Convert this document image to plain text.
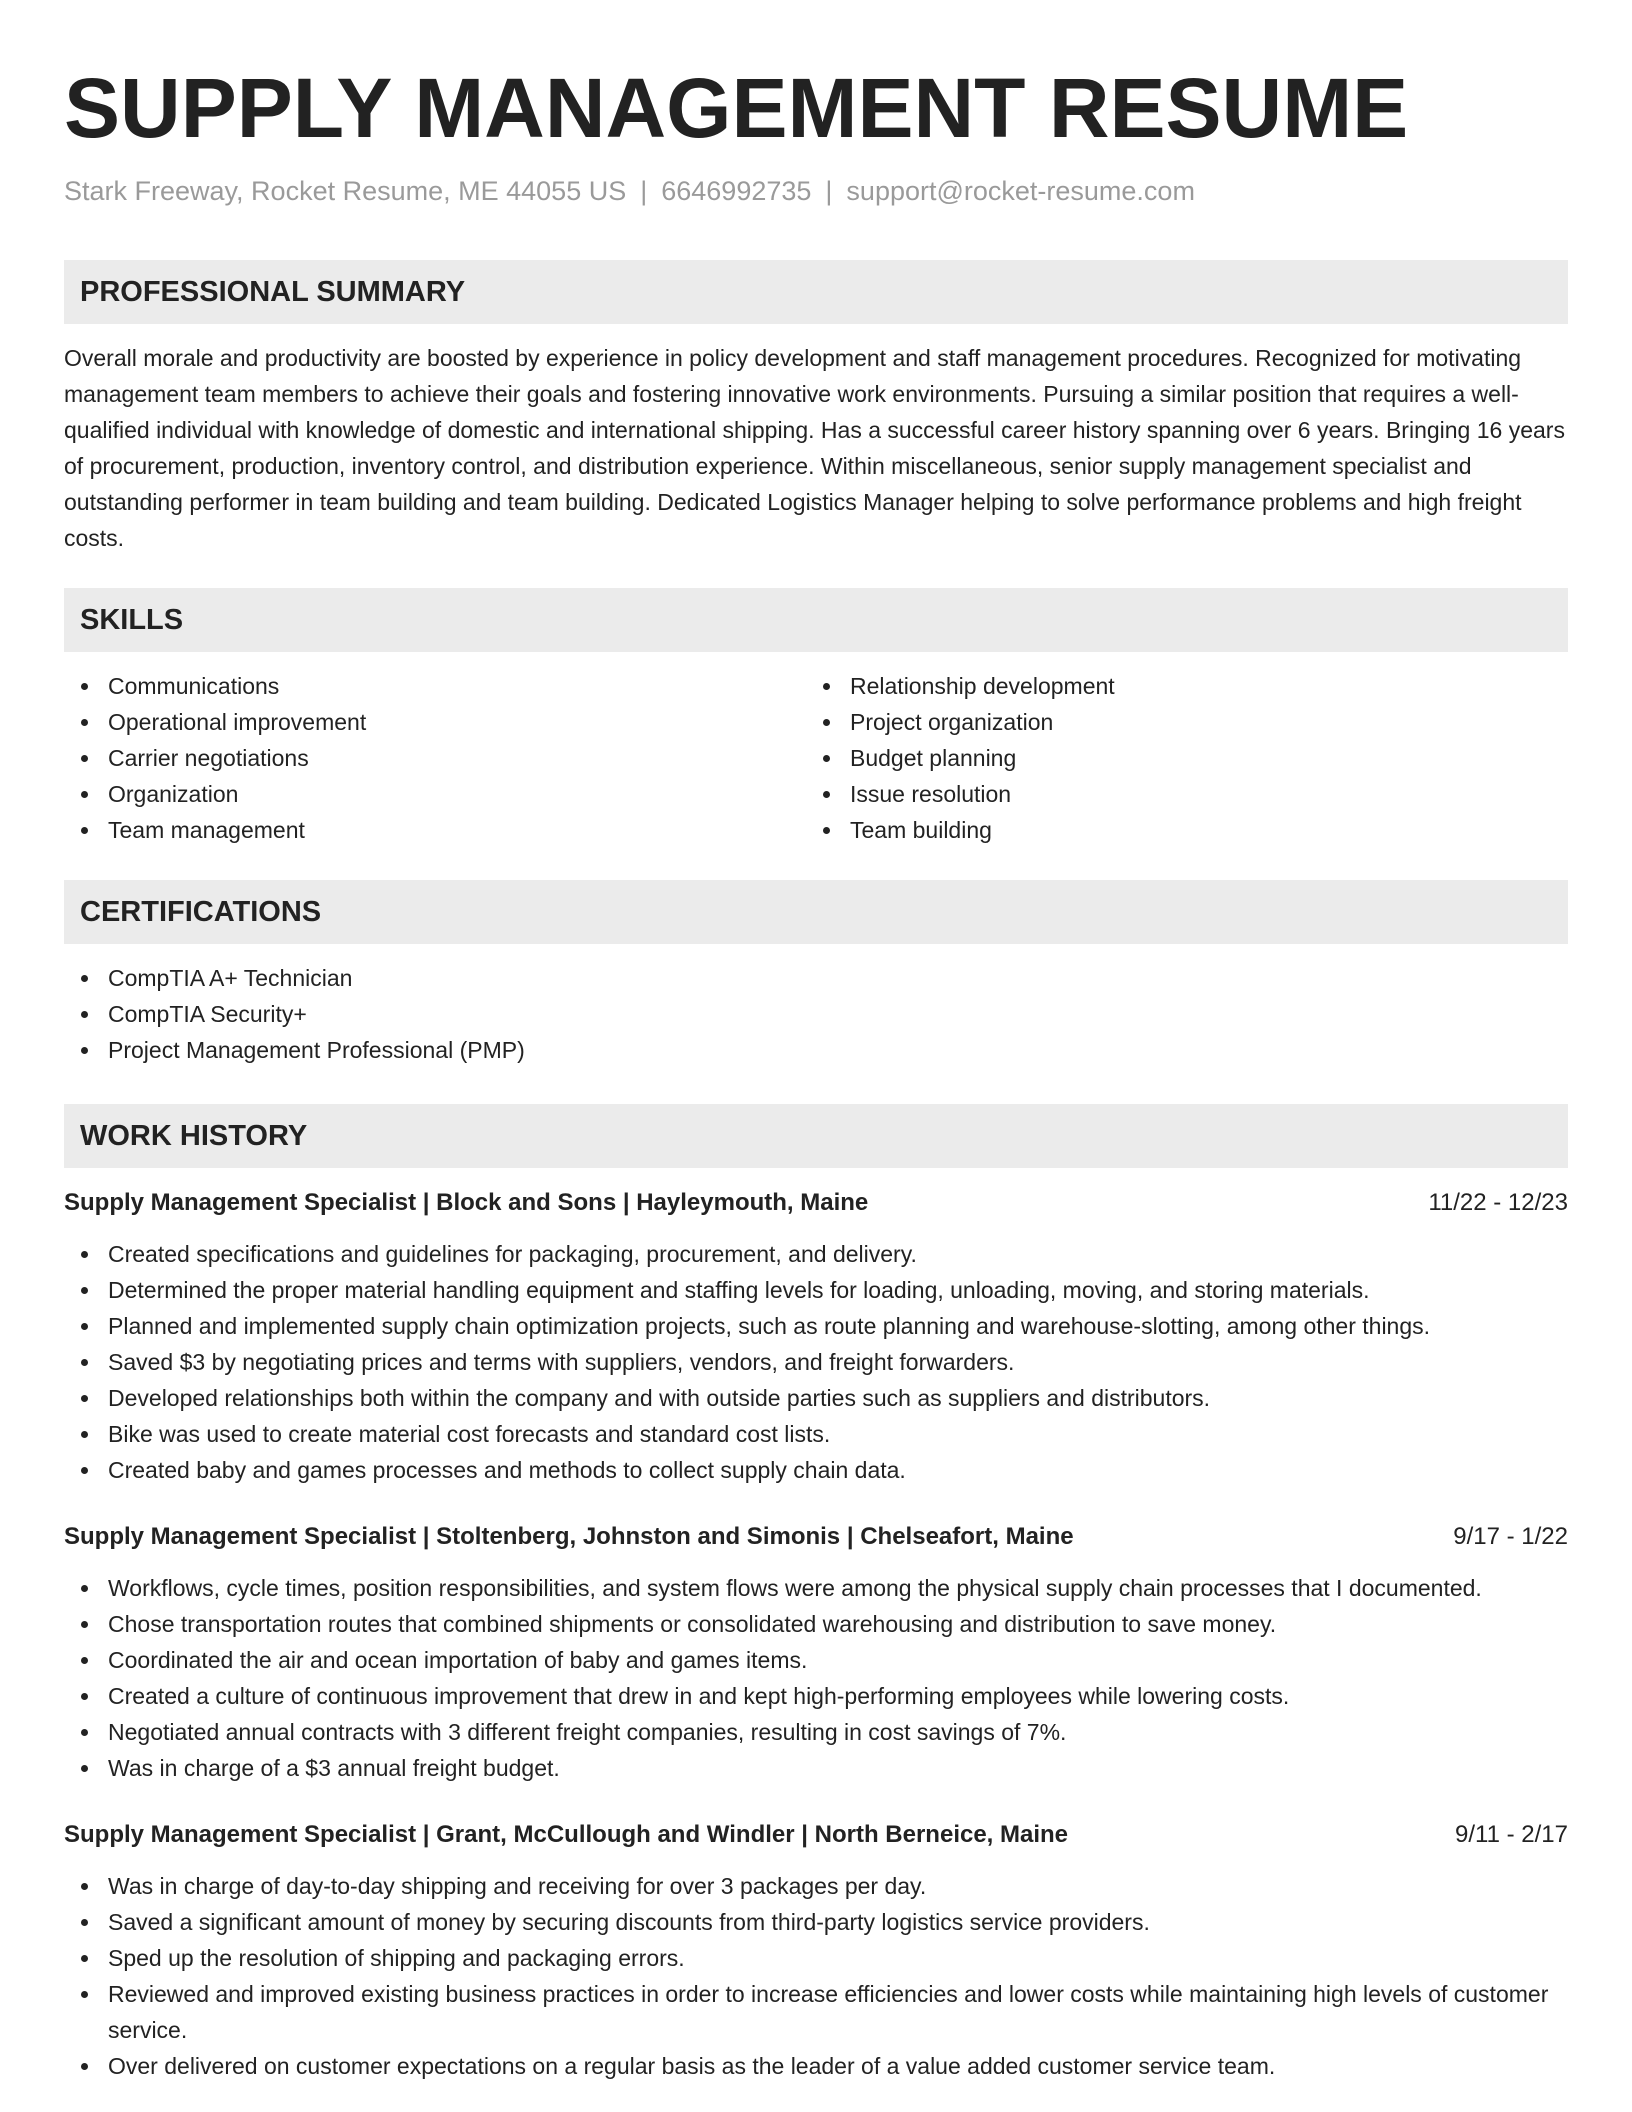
SUPPLY MANAGEMENT RESUME
Stark Freeway, Rocket Resume, ME 44055 US | 6646992735 | support@rocket-resume.com
PROFESSIONAL SUMMARY

Overall morale and productivity are boosted by experience in policy development and staff management procedures. Recognized for motivating management team members to achieve their goals and fostering innovative work environments. Pursuing a similar position that requires a well-qualified individual with knowledge of domestic and international shipping. Has a successful career history spanning over 6 years. Bringing 16 years of procurement, production, inventory control, and distribution experience. Within miscellaneous, senior supply management specialist and outstanding performer in team building and team building. Dedicated Logistics Manager helping to solve performance problems and high freight costs.

SKILLS
Communications
Operational improvement
Carrier negotiations
Organization
Team management
Relationship development
Project organization
Budget planning
Issue resolution
Team building
CERTIFICATIONS
CompTIA A+ Technician
CompTIA Security+
Project Management Professional (PMP)
WORK HISTORY
Supply Management Specialist | Block and Sons | Hayleymouth, Maine	11/22 - 12/23
Created specifications and guidelines for packaging, procurement, and delivery.
Determined the proper material handling equipment and staffing levels for loading, unloading, moving, and storing materials.
Planned and implemented supply chain optimization projects, such as route planning and warehouse-slotting, among other things.
Saved $3 by negotiating prices and terms with suppliers, vendors, and freight forwarders.
Developed relationships both within the company and with outside parties such as suppliers and distributors.
Bike was used to create material cost forecasts and standard cost lists.
Created baby and games processes and methods to collect supply chain data.
Supply Management Specialist | Stoltenberg, Johnston and Simonis | Chelseafort, Maine	9/17 - 1/22
Workflows, cycle times, position responsibilities, and system flows were among the physical supply chain processes that I documented.
Chose transportation routes that combined shipments or consolidated warehousing and distribution to save money.
Coordinated the air and ocean importation of baby and games items.
Created a culture of continuous improvement that drew in and kept high-performing employees while lowering costs.
Negotiated annual contracts with 3 different freight companies, resulting in cost savings of 7%.
Was in charge of a $3 annual freight budget.
Supply Management Specialist | Grant, McCullough and Windler | North Berneice, Maine	9/11 - 2/17
Was in charge of day-to-day shipping and receiving for over 3 packages per day.
Saved a significant amount of money by securing discounts from third-party logistics service providers.
Sped up the resolution of shipping and packaging errors.
Reviewed and improved existing business practices in order to increase efficiencies and lower costs while maintaining high levels of customer service.
Over delivered on customer expectations on a regular basis as the leader of a value added customer service team.
